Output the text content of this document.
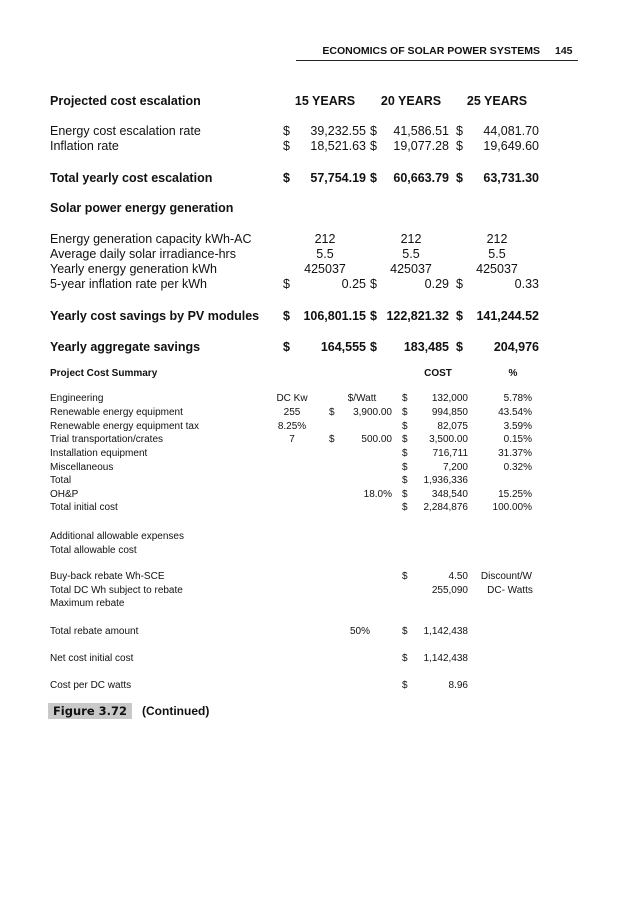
ECONOMICS OF SOLAR POWER SYSTEMS 145
Projected cost escalation	15 YEARS 20 YEARS 25 YEARS
Energy cost escalation rate	$ 39,232.55 $ 41,586.51 $ 44,081.70
Inflation rate	$ 18,521.63 $ 19,077.28 $ 19,649.60
Total yearly cost escalation	$ 57,754.19 $ 60,663.79 $ 63,731.30
Solar power energy generation
Energy generation capacity kWh-AC	212	212	212
Average daily solar irradiance-hrs	5.5	5.5	5.5
Yearly energy generation kWh	425037	425037	425037
5-year inflation rate per kWh	$	0.25 $	0.29 $	0.33
Yearly cost savings by PV modules $ 106,801.15 $ 122,821.32 $ 141,244.52
Yearly aggregate savings	$ 164,555 $ 183,485 $ 204,976
Project Cost Summary	COST	%
Engineering	DC Kw	$/Watt	$ 132,000	5.78%
Renewable energy equipment	255	$ 3,900.00 $ 994,850	43.54%
Renewable energy equipment tax	8.25%	$	82,075	3.59%
Trial transportation/crates	7	$	500.00 $ 3,500.00	0.15%
Installation equipment	$	716,711	31.37%
Miscellaneous	$	7,200	0.32%
Total	$ 1,936,336
OH&P	18.0% $ 348,540	15.25%
Total initial cost	$ 2,284,876 100.00%
Additional allowable expenses
Total allowable cost
Buy-back rebate Wh-SCE	$	4.50 Discount/W
Total DC Wh subject to rebate	255,090 DC- Watts
Maximum rebate
Total rebate amount	50%	$ 1,142,438
Net cost initial cost	$ 1,142,438
Cost per DC watts	$	8.96
Figure 3.72	(Continued)
